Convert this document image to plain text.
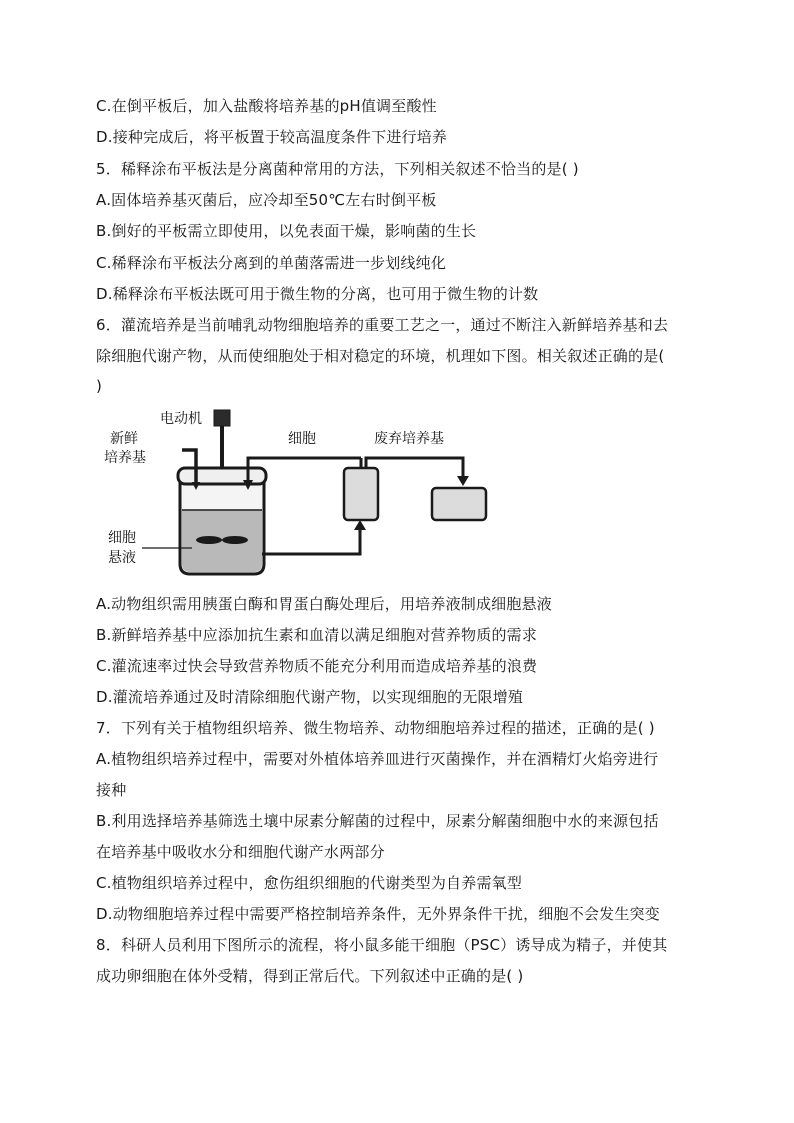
C.在倒平板后，加入盐酸将培养基的pH值调至酸性
D.接种完成后，将平板置于较高温度条件下进行培养
5．稀释涂布平板法是分离菌种常用的方法，下列相关叙述不恰当的是( )
A.固体培养基灭菌后，应冷却至50℃左右时倒平板
B.倒好的平板需立即使用，以免表面干燥，影响菌的生长
C.稀释涂布平板法分离到的单菌落需进一步划线纯化
D.稀释涂布平板法既可用于微生物的分离，也可用于微生物的计数
6．灌流培养是当前哺乳动物细胞培养的重要工艺之一，通过不断注入新鲜培养基和去
除细胞代谢产物，从而使细胞处于相对稳定的环境，机理如下图。相关叙述正确的是(
)
电动机
新鲜
培养基
细胞	废弃培养基
细胞
悬液
A.动物组织需用胰蛋白酶和胃蛋白酶处理后，用培养液制成细胞悬液
B.新鲜培养基中应添加抗生素和血清以满足细胞对营养物质的需求
C.灌流速率过快会导致营养物质不能充分利用而造成培养基的浪费
D.灌流培养通过及时清除细胞代谢产物，以实现细胞的无限增殖
7．下列有关于植物组织培养、微生物培养、动物细胞培养过程的描述，正确的是( )
A.植物组织培养过程中，需要对外植体培养皿进行灭菌操作，并在酒精灯火焰旁进行
接种
B.利用选择培养基筛选土壤中尿素分解菌的过程中，尿素分解菌细胞中水的来源包括
在培养基中吸收水分和细胞代谢产水两部分
C.植物组织培养过程中，愈伤组织细胞的代谢类型为自养需氧型
D.动物细胞培养过程中需要严格控制培养条件，无外界条件干扰，细胞不会发生突变
8．科研人员利用下图所示的流程，将小鼠多能干细胞（PSC）诱导成为精子，并使其
成功卵细胞在体外受精，得到正常后代。下列叙述中正确的是( )
